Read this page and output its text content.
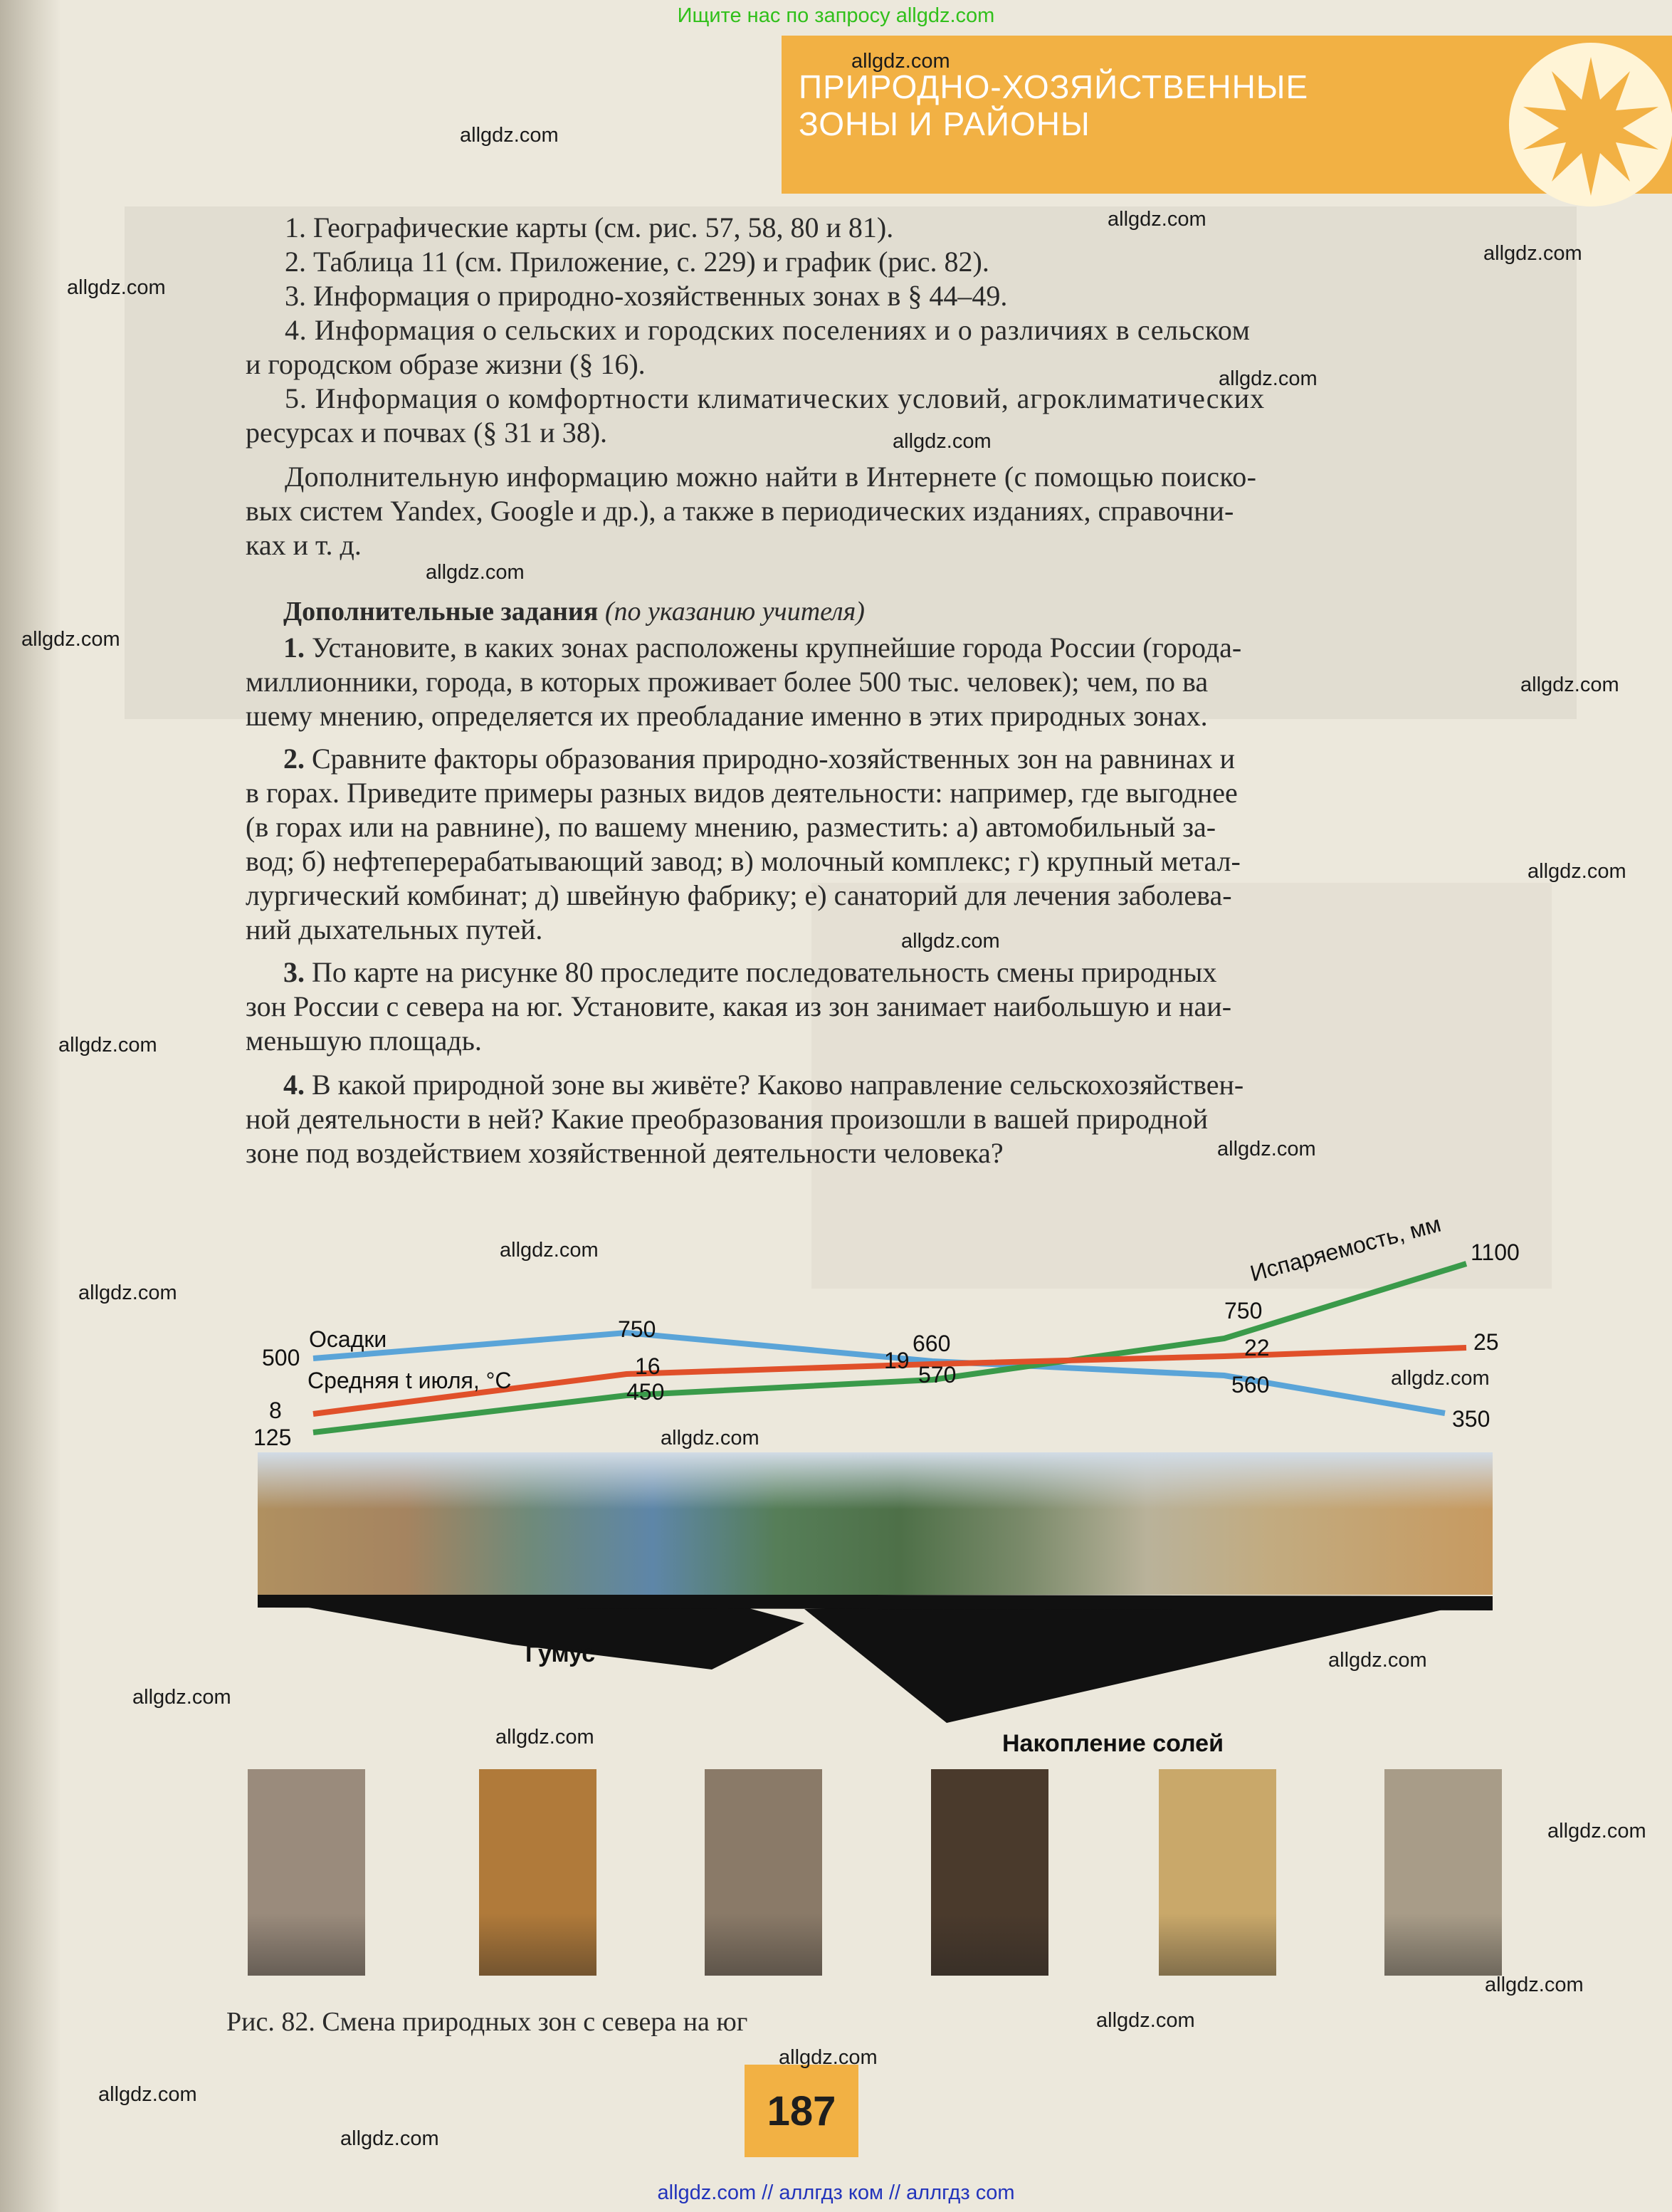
Ищите нас по запросу allgdz.com
ПРИРОДНО-ХОЗЯЙСТВЕННЫЕ
ЗОНЫ И РАЙОНЫ
1. Географические карты (см. рис. 57, 58, 80 и 81).
2. Таблица 11 (см. Приложение, с. 229) и график (рис. 82).
3. Информация о природно-хозяйственных зонах в § 44–49.
4. Информация о сельских и городских поселениях и о различиях в сельском
и городском образе жизни (§ 16).
5. Информация о комфортности климатических условий, агроклиматических
ресурсах и почвах (§ 31 и 38).
Дополнительную информацию можно найти в Интернете (с помощью поиско-
вых систем Yandex, Google и др.), а также в периодических изданиях, справочни-
ках и т. д.
Дополнительные задания (по указанию учителя)
1. Установите, в каких зонах расположены крупнейшие города России (города-
миллионники, города, в которых проживает более 500 тыс. человек); чем, по ва
шему мнению, определяется их преобладание именно в этих природных зонах.
2. Сравните факторы образования природно-хозяйственных зон на равнинах и
в горах. Приведите примеры разных видов деятельности: например, где выгоднее
(в горах или на равнине), по вашему мнению, разместить: а) автомобильный за-
вод; б) нефтеперерабатывающий завод; в) молочный комплекс; г) крупный метал-
лургический комбинат; д) швейную фабрику; е) санаторий для лечения заболева-
ний дыхательных путей.
3. По карте на рисунке 80 проследите последовательность смены природных
зон России с севера на юг. Установите, какая из зон занимает наибольшую и наи-
меньшую площадь.
4. В какой природной зоне вы живёте? Каково направление сельскохозяйствен-
ной деятельности в ней? Какие преобразования произошли в вашей природной
зоне под воздействием хозяйственной деятельности человека?
500
750
660
560
350
125
450
570
750
1100
8
16	19	22	25
Осадки
Средняя t июля, °С
Испаряемость, мм
Гумус
Накопление солей
Рис. 82. Смена природных зон с севера на юг
187
allgdz.com
allgdz.com
allgdz.com
allgdz.com
allgdz.com
allgdz.com
allgdz.com
allgdz.com
allgdz.com
allgdz.com
allgdz.com
allgdz.com
allgdz.com
allgdz.com
allgdz.com
allgdz.com
allgdz.com
allgdz.com
allgdz.com
allgdz.com
allgdz.com
allgdz.com
allgdz.com
allgdz.com
allgdz.com
allgdz.com
allgdz.com
allgdz.com // аллгдз ком // аллгдз com
